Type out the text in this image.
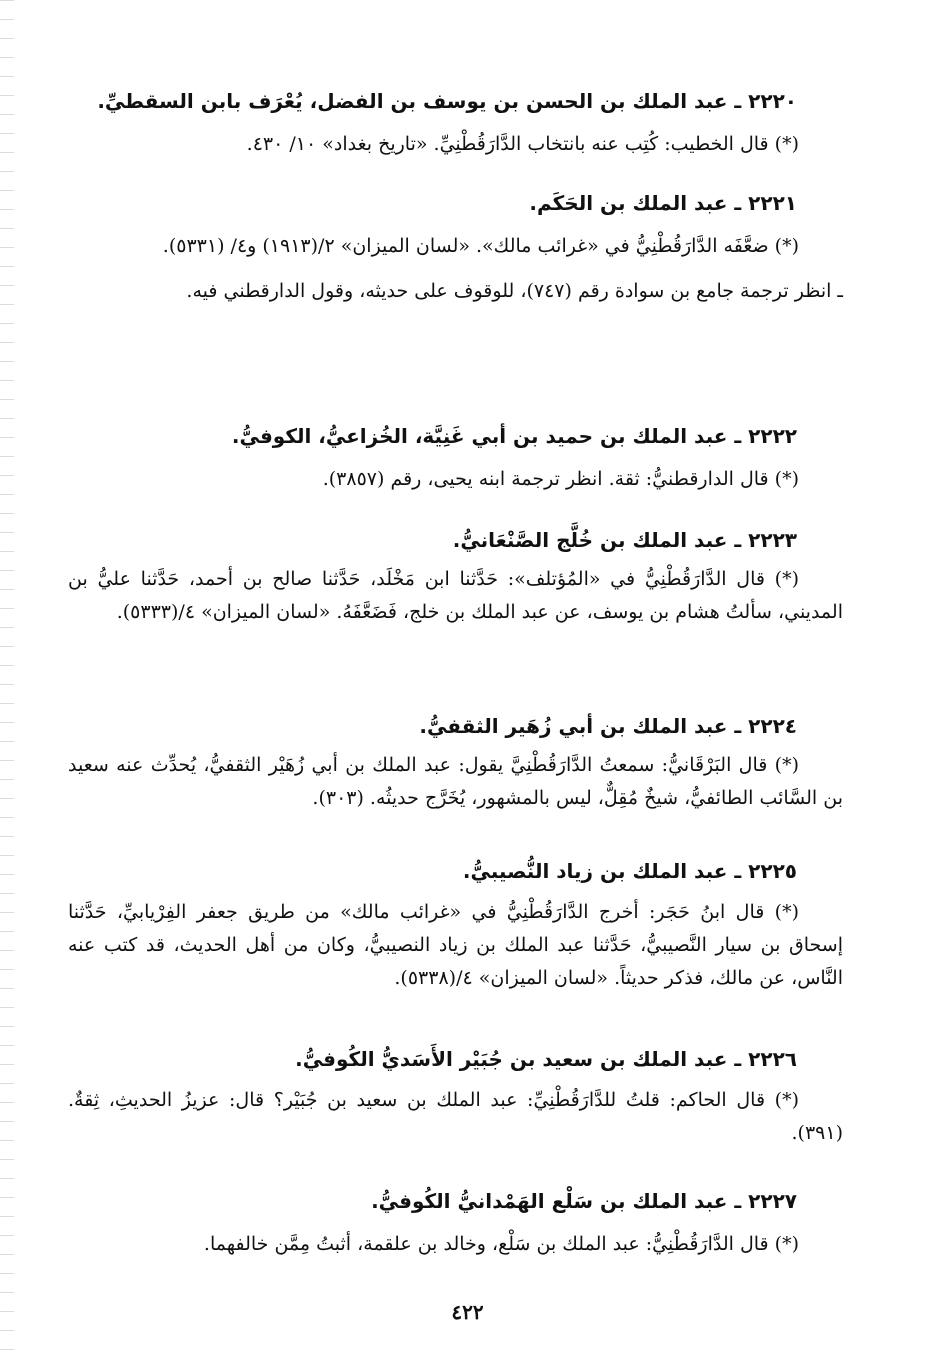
٢٢٢٠ ـ عبد الملك بن الحسن بن يوسف بن الفضل، يُعْرَف بابن السقطيِّ.
(*) قال الخطيب: كُتِب عنه بانتخاب الدَّارَقُطْنِيِّ. «تاريخ بغداد» ١٠/ ٤٣٠.
٢٢٢١ ـ عبد الملك بن الحَكَم.
(*) ضعَّفَه الدَّارَقُطْنِيُّ في «غرائب مالك». «لسان الميزان» ٢/(١٩١٣) و٤/ (٥٣٣١).
ـ انظر ترجمة جامع بن سوادة رقم (٧٤٧)، للوقوف على حديثه، وقول الدارقطني فيه.
٢٢٢٢ ـ عبد الملك بن حميد بن أبي غَنِيَّة، الخُزاعيُّ، الكوفيُّ.
(*) قال الدارقطنيُّ: ثقة. انظر ترجمة ابنه يحيى، رقم (٣٨٥٧).
٢٢٢٣ ـ عبد الملك بن خُلَّج الصَّنْعَانيُّ.
(*) قال الدَّارَقُطْنِيُّ في «المُؤتلف»: حَدَّثنا ابن مَخْلَد، حَدَّثنا صالح بن أحمد، حَدَّثنا عليُّ بن المديني، سألتُ هشام بن يوسف، عن عبد الملك بن خلج، فَضَعَّفَهُ. «لسان الميزان» ٤/(٥٣٣٣).
٢٢٢٤ ـ عبد الملك بن أبي زُهَير الثقفيُّ.
(*) قال البَرْقَانيُّ: سمعتُ الدَّارَقُطْنِيَّ يقول: عبد الملك بن أبي زُهَيْر الثقفيُّ، يُحدِّث عنه سعيد بن السَّائب الطائفيُّ، شيخٌ مُقِلٌّ، ليس بالمشهور، يُخَرَّج حديثُه. (٣٠٣).
٢٢٢٥ ـ عبد الملك بن زياد النُّصيبيُّ.
(*) قال ابنُ حَجَر: أخرج الدَّارَقُطْنِيُّ في «غرائب مالك» من طريق جعفر الفِرْيابيِّ، حَدَّثنا إسحاق بن سيار النَّصيبيُّ، حَدَّثنا عبد الملك بن زياد النصيبيُّ، وكان من أهل الحديث، قد كتب عنه النَّاس، عن مالك، فذكر حديثاً. «لسان الميزان» ٤/(٥٣٣٨).
٢٢٢٦ ـ عبد الملك بن سعيد بن جُبَيْر الأَسَديُّ الكُوفيُّ.
(*) قال الحاكم: قلتُ للدَّارَقُطْنِيِّ: عبد الملك بن سعيد بن جُبَيْر؟ قال: عزيزُ الحديثِ، ثِقةٌ. (٣٩١).
٢٢٢٧ ـ عبد الملك بن سَلْع الهَمْدانيُّ الكُوفيُّ.
(*) قال الدَّارَقُطْنِيُّ: عبد الملك بن سَلْع، وخالد بن علقمة، أثبتُ مِمَّن خالفهما.
٤٢٢
